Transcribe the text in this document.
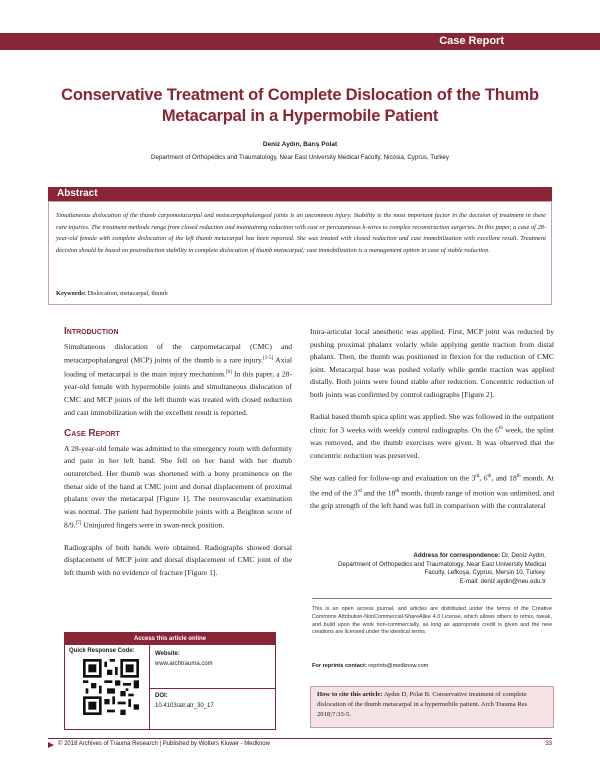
Case Report
Conservative Treatment of Complete Dislocation of the Thumb
Metacarpal in a Hypermobile Patient
Deniz Aydın, Barış Polat
Department of Orthopedics and Traumatology, Near East University Medical Faculty, Nicosia, Cyprus, Turkey
Abstract
Simultaneous dislocation of the thumb carpometacarpal and metacarpophalangeal joints is an uncommon injury. Stability is the most important factor in the decision of treatment in these rare injuries. The treatment methods range from closed reduction and maintaining reduction with cast or percutaneous k-wires to complex reconstruction surgeries. In this paper, a case of 28-year-old female with complete dislocation of the left thumb metacarpal has been reported. She was treated with closed reduction and cast immobilization with excellent result. Treatment decision should be based on postreduction stability in complete dislocation of thumb metacarpal; cast immobilization is a management option in case of stable reduction.
Keywords: Dislocation, metacarpal, thumb
Introduction

Simultaneous dislocation of the carpometacarpal (CMC) and metacarpophalangeal (MCP) joints of the thumb is a rare injury.[1-5] Axial loading of metacarpal is the main injury mechanism.[6] In this paper, a 28-year-old female with hypermobile joints and simultaneous dislocation of CMC and MCP joints of the left thumb was treated with closed reduction and cast immobilization with the excellent result is reported.

Case Report

A 28-year-old female was admitted to the emergency room with deformity and pain in her left hand. She fell on her hand with her thumb outstretched. Her thumb was shortened with a bony prominence on the thenar side of the hand at CMC joint and dorsal displacement of proximal phalanx over the metacarpal [Figure 1]. The neurovascular examination was normal. The patient had hypermobile joints with a Beighton score of 8/9.[7] Uninjured fingers were in swan-neck position.

Radiographs of both hands were obtained. Radiographs showed dorsal displacement of MCP joint and dorsal displacement of CMC joint of the left thumb with no evidence of fracture [Figure 1].

Intra-articular local anesthetic was applied. First, MCP joint was reducted by pushing proximal phalanx volarly while applying gentle traction from distal phalanx. Then, the thumb was positioned in flexion for the reduction of CMC joint. Metacarpal base was pushed volarly while gentle traction was applied distally. Both joints were found stable after reduction. Concentric reduction of both joints was confirmed by control radiographs [Figure 2].

Radial based thumb spica splint was applied. She was followed in the outpatient clinic for 3 weeks with weekly control radiographs. On the 6th week, the splint was removed, and the thumb exercises were given. It was observed that the concentric reduction was preserved.

She was called for follow-up and evaluation on the 3rd, 6th, and 18th month. At the end of the 3rd and the 18th month, thumb range of motion was unlimited, and the grip strength of the left hand was full in comparison with the contralateral

Address for correspondence: Dr. Deniz Aydın,
Department of Orthopedics and Traumatology, Near East University Medical
Faculty, Lefkoşa, Cyprus, Mersin 10, Turkey.
E-mail: deniz.aydin@neu.edu.tr
This is an open access journal, and articles are distributed under the terms of the Creative Commons Attribution-NonCommercial-ShareAlike 4.0 License, which allows others to remix, tweak, and build upon the work non-commercially, as long as appropriate credit is given and the new creations are licensed under the identical terms.
For reprints contact: reprints@medknow.com
How to cite this article: Aydın D, Polat B. Conservative treatment of complete dislocation of the thumb metacarpal in a hypermobile patient. Arch Trauma Res 2018;7:33-5.
Access this article online
Quick Response Code:	Website:
www.archtrauma.com
DOI:
10.4103/atr.atr_30_17
© 2018 Archives of Trauma Research | Published by Wolters Kluwer - Medknow	33
